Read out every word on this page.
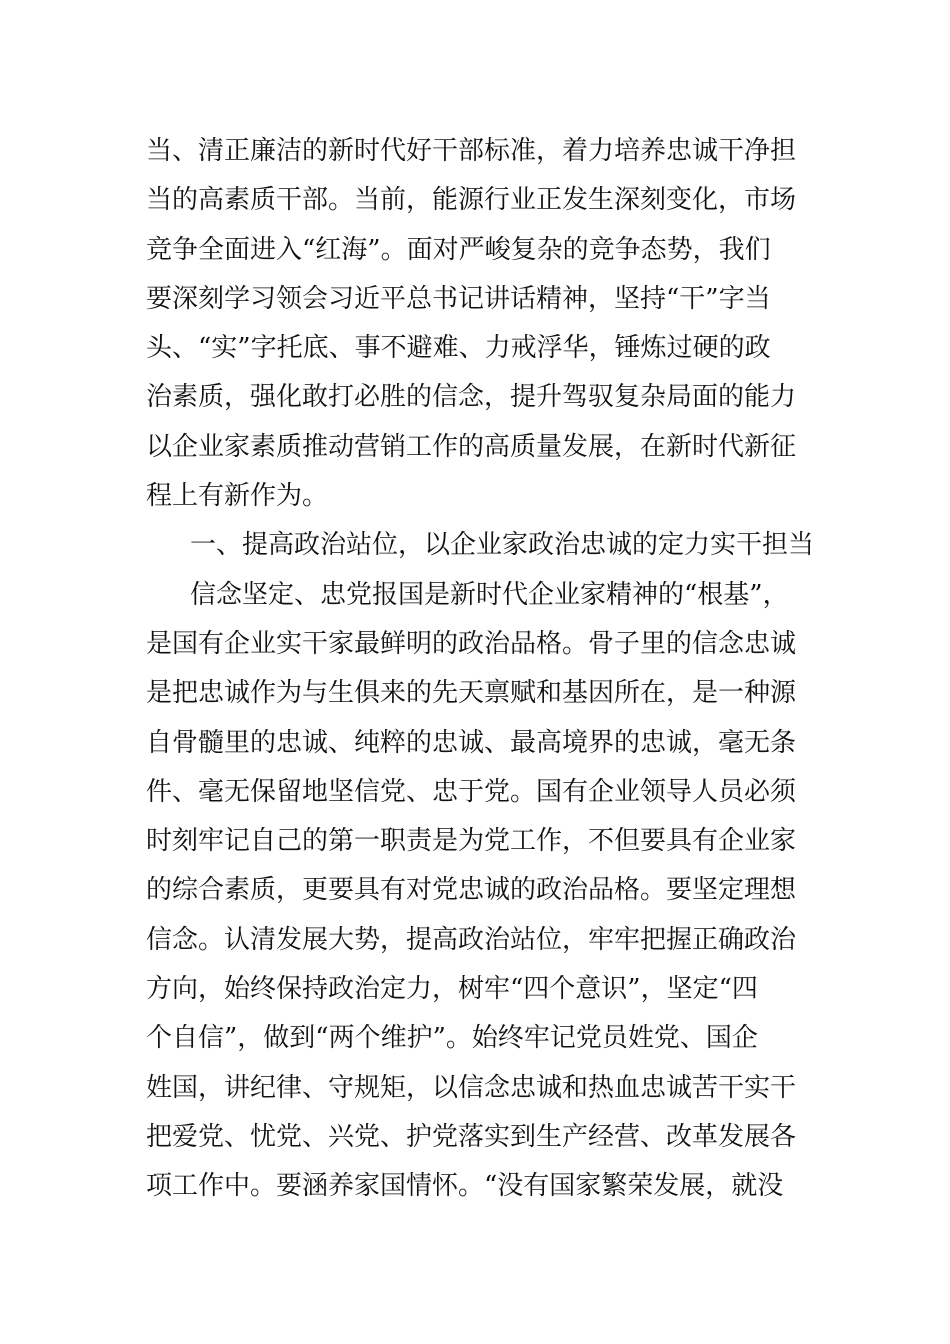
当、清正廉洁的新时代好干部标准，着力培养忠诚干净担
当的高素质干部。当前，能源行业正发生深刻变化，市场
竞争全面进入“红海”。面对严峻复杂的竞争态势，我们
要深刻学习领会习近平总书记讲话精神，坚持“干”字当
头、“实”字托底、事不避难、力戒浮华，锤炼过硬的政
治素质，强化敢打必胜的信念，提升驾驭复杂局面的能力
以企业家素质推动营销工作的高质量发展，在新时代新征
程上有新作为。
一、提高政治站位，以企业家政治忠诚的定力实干担当
信念坚定、忠党报国是新时代企业家精神的“根基”，
是国有企业实干家最鲜明的政治品格。骨子里的信念忠诚
是把忠诚作为与生俱来的先天禀赋和基因所在，是一种源
自骨髓里的忠诚、纯粹的忠诚、最高境界的忠诚，毫无条
件、毫无保留地坚信党、忠于党。国有企业领导人员必须
时刻牢记自己的第一职责是为党工作，不但要具有企业家
的综合素质，更要具有对党忠诚的政治品格。要坚定理想
信念。认清发展大势，提高政治站位，牢牢把握正确政治
方向，始终保持政治定力，树牢“四个意识”，坚定“四
个自信”，做到“两个维护”。始终牢记党员姓党、国企
姓国，讲纪律、守规矩，以信念忠诚和热血忠诚苦干实干
把爱党、忧党、兴党、护党落实到生产经营、改革发展各
项工作中。要涵养家国情怀。“没有国家繁荣发展，就没
